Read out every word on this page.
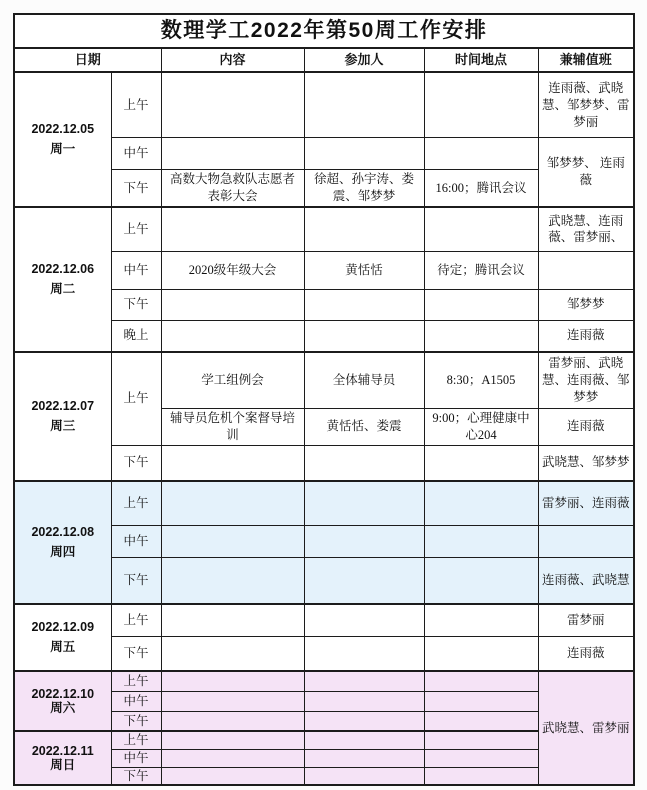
数理学工2022年第50周工作安排					
日期		内容	参加人	时间地点	兼辅值班

2022.12.05
周一	上午				连雨薇、武晓慧、邹梦梦、雷梦丽
	中午				邹梦梦、 连雨薇
	下午	高数大物急救队志愿者表彰大会	徐超、孙宇涛、娄震、邹梦梦	16:00；腾讯会议	

2022.12.06
周二	上午				武晓慧、连雨薇、雷梦丽、
	中午	2020级年级大会	黄恬恬	待定；腾讯会议	
	下午				邹梦梦
	晚上				连雨薇

2022.12.07
周三	上午	学工组例会	全体辅导员	8:30；A1505	雷梦丽、武晓慧、连雨薇、邹梦梦
		辅导员危机个案督导培训	黄恬恬、娄震	9:00；心理健康中心204	连雨薇
	下午				武晓慧、邹梦梦

2022.12.08
周四	上午				雷梦丽、连雨薇
	中午				
	下午				连雨薇、武晓慧

2022.12.09
周五	上午				雷梦丽
	下午				连雨薇

2022.12.10
周六	上午				武晓慧、雷梦丽
	中午				
	下午				

2022.12.11
周日	上午				
	中午				
	下午				
